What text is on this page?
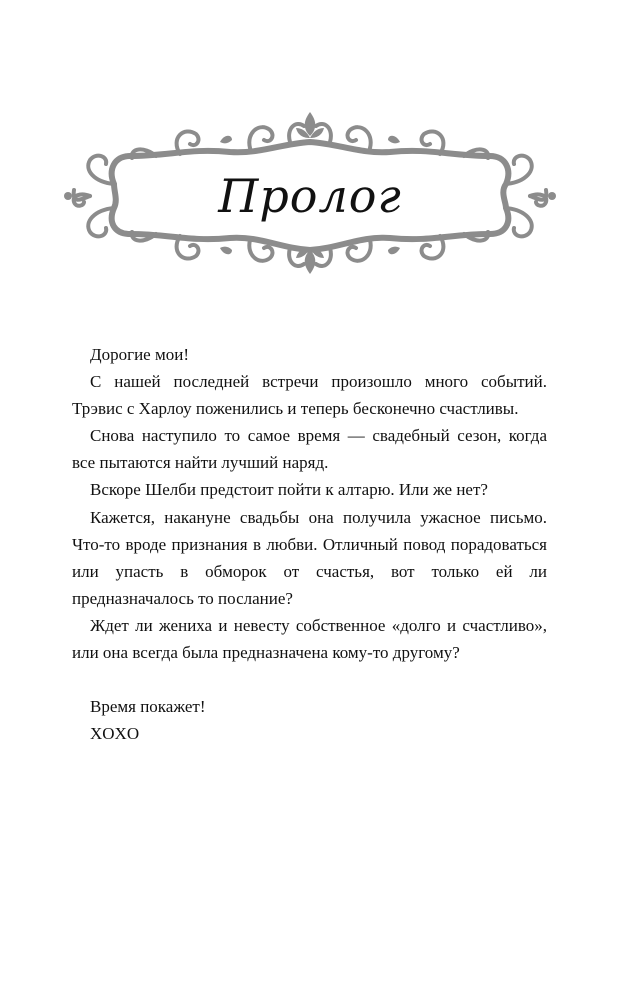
Пролог

Дорогие мои!

С нашей последней встречи произошло много событий. Трэвис с Харлоу поженились и теперь бесконечно счастливы.

Снова наступило то самое время — свадебный сезон, когда все пытаются найти лучший наряд.

Вскоре Шелби предстоит пойти к алтарю. Или же нет?

Кажется, накануне свадьбы она получила ужасное письмо. Что-то вроде признания в любви. Отличный повод порадоваться или упасть в обморок от счастья, вот только ей ли предназначалось то послание?

Ждет ли жениха и невесту собственное «долго и счастливо», или она всегда была предназначена кому-то другому?

Время покажет!

XOXO
